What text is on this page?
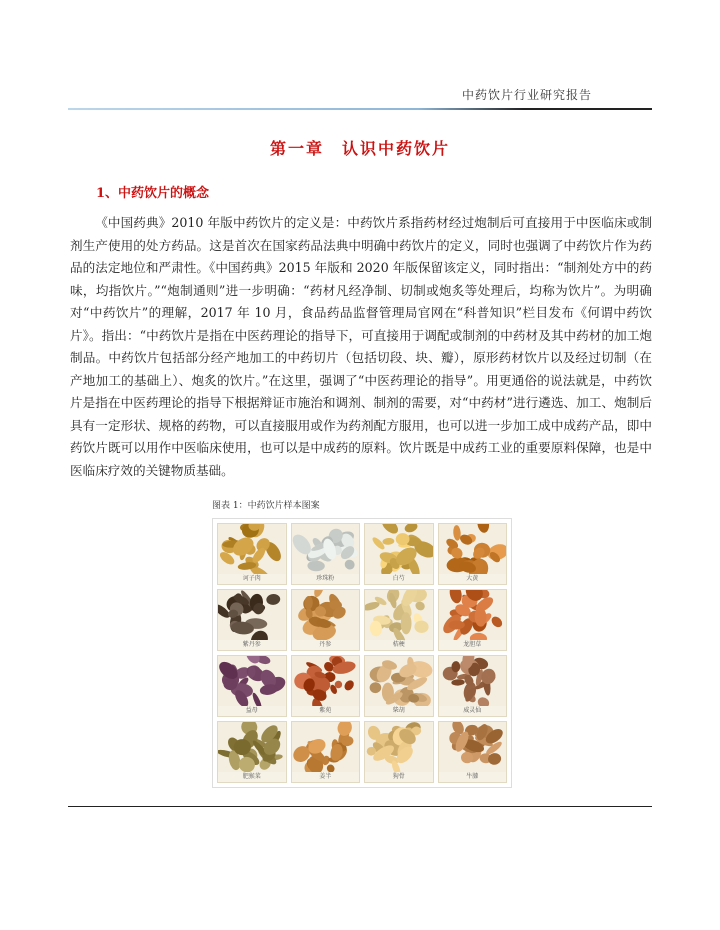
中药饮片行业研究报告
第一章　认识中药饮片
1、中药饮片的概念

《中国药典》2010 年版中药饮片的定义是：中药饮片系指药材经过炮制后可直接用于中医临床或制剂生产使用的处方药品。这是首次在国家药品法典中明确中药饮片的定义，同时也强调了中药饮片作为药品的法定地位和严肃性。《中国药典》2015 年版和 2020 年版保留该定义，同时指出：“制剂处方中的药味，均指饮片。”“炮制通则”进一步明确：“药材凡经净制、切制或炮炙等处理后，均称为饮片”。为明确对“中药饮片”的理解，2017 年 10 月，食品药品监督管理局官网在“科普知识”栏目发布《何谓中药饮片》。指出：“中药饮片是指在中医药理论的指导下，可直接用于调配或制剂的中药材及其中药材的加工炮制品。中药饮片包括部分经产地加工的中药切片（包括切段、块、瓣），原形药材饮片以及经过切制（在产地加工的基础上）、炮炙的饮片。”在这里，强调了“中医药理论的指导”。用更通俗的说法就是，中药饮片是指在中医药理论的指导下根据辩证市施治和调剂、制剂的需要，对“中药材”进行遴选、加工、炮制后具有一定形状、规格的药物，可以直接服用或作为药剂配方服用，也可以进一步加工成中成药产品，即中药饮片既可以用作中医临床使用，也可以是中成药的原料。饮片既是中成药工业的重要原料保障，也是中医临床疗效的关键物质基础。

图表 1：中药饮片样本图案
诃子肉	珍珠粉	白芍	大黄
紫丹参	丹参	桔梗	龙胆草
益母	紫苑	柴胡	威灵仙
肥猴菜	姜半	狗骨	牛膝
